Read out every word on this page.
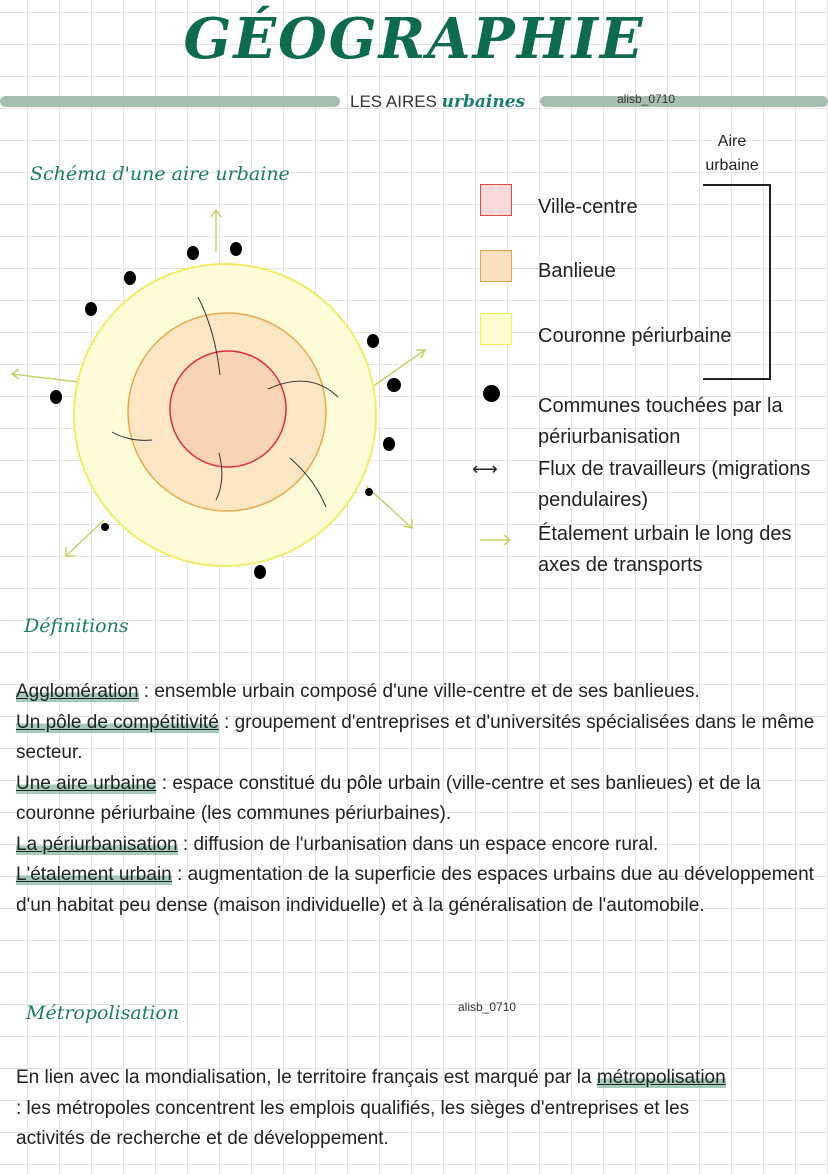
GÉOGRAPHIE
LES AIRES urbaines	alisb_0710
Schéma d'une aire urbaine
Ville-centre
Banlieue
Couronne périurbaine
Aire urbaine
Communes touchées par la périurbanisation
⟷ Flux de travailleurs (migrations pendulaires)
Étalement urbain le long des axes de transports
Définitions
Agglomération : ensemble urbain composé d'une ville-centre et de ses banlieues.
Un pôle de compétitivité : groupement d'entreprises et d'universités spécialisées dans le même secteur.
Une aire urbaine : espace constitué du pôle urbain (ville-centre et ses banlieues) et de la couronne périurbaine (les communes périurbaines).
La périurbanisation : diffusion de l'urbanisation dans un espace encore rural.
L'étalement urbain : augmentation de la superficie des espaces urbains due au développement d'un habitat peu dense (maison individuelle) et à la généralisation de l'automobile.
Métropolisation	alisb_0710
En lien avec la mondialisation, le territoire français est marqué par la métropolisation : les métropoles concentrent les emplois qualifiés, les sièges d'entreprises et les activités de recherche et de développement.
